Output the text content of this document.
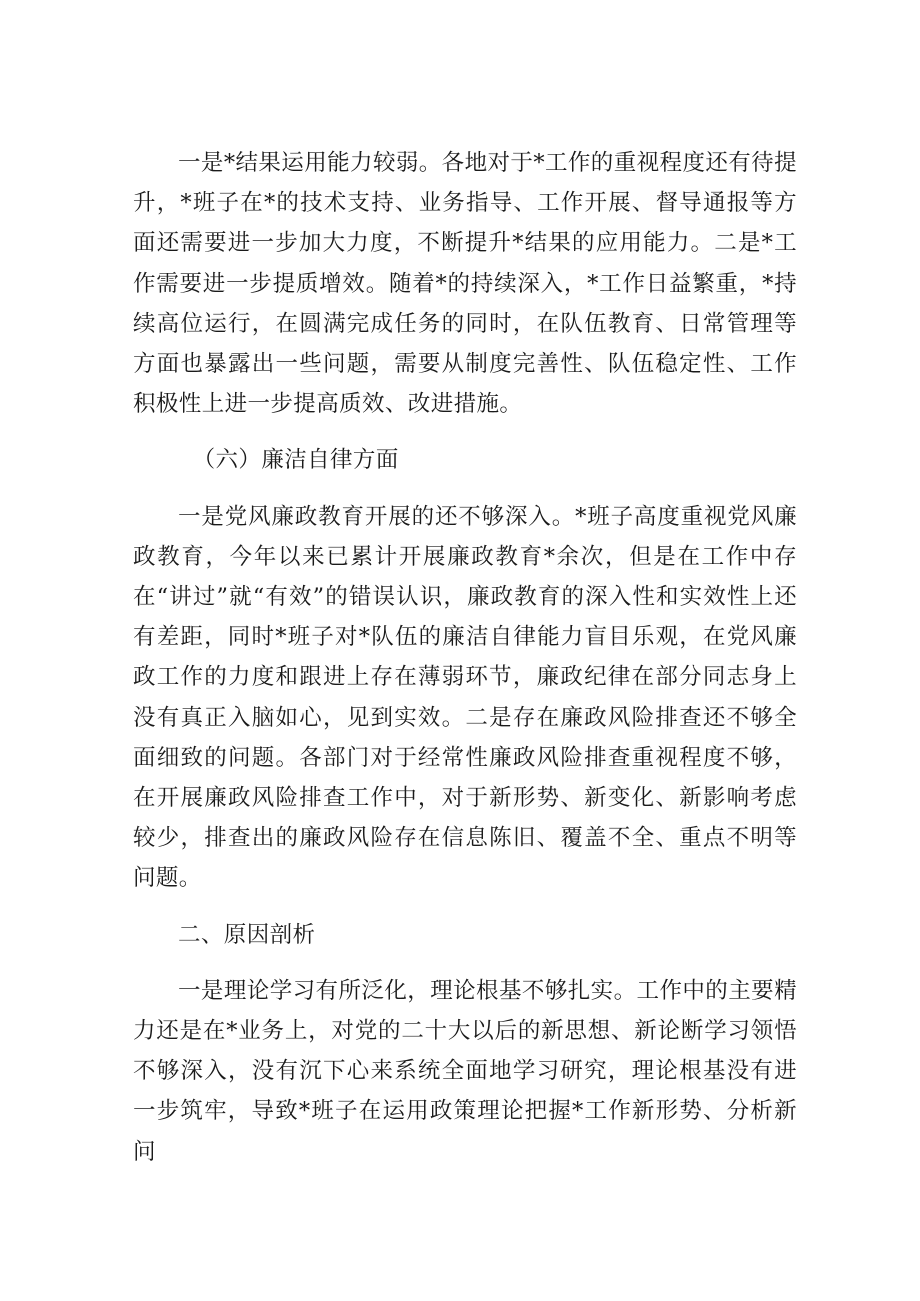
一是*结果运用能力较弱。各地对于*工作的重视程度还有待提升，*班子在*的技术支持、业务指导、工作开展、督导通报等方面还需要进一步加大力度，不断提升*结果的应用能力。二是*工作需要进一步提质增效。随着*的持续深入，*工作日益繁重，*持续高位运行，在圆满完成任务的同时，在队伍教育、日常管理等方面也暴露出一些问题，需要从制度完善性、队伍稳定性、工作积极性上进一步提高质效、改进措施。

（六）廉洁自律方面

一是党风廉政教育开展的还不够深入。*班子高度重视党风廉政教育，今年以来已累计开展廉政教育*余次，但是在工作中存在“讲过”就“有效”的错误认识，廉政教育的深入性和实效性上还有差距，同时*班子对*队伍的廉洁自律能力盲目乐观，在党风廉政工作的力度和跟进上存在薄弱环节，廉政纪律在部分同志身上没有真正入脑如心，见到实效。二是存在廉政风险排查还不够全面细致的问题。各部门对于经常性廉政风险排查重视程度不够，在开展廉政风险排查工作中，对于新形势、新变化、新影响考虑较少，排查出的廉政风险存在信息陈旧、覆盖不全、重点不明等问题。

二、原因剖析

一是理论学习有所泛化，理论根基不够扎实。工作中的主要精力还是在*业务上，对党的二十大以后的新思想、新论断学习领悟不够深入，没有沉下心来系统全面地学习研究，理论根基没有进一步筑牢，导致*班子在运用政策理论把握*工作新形势、分析新问
